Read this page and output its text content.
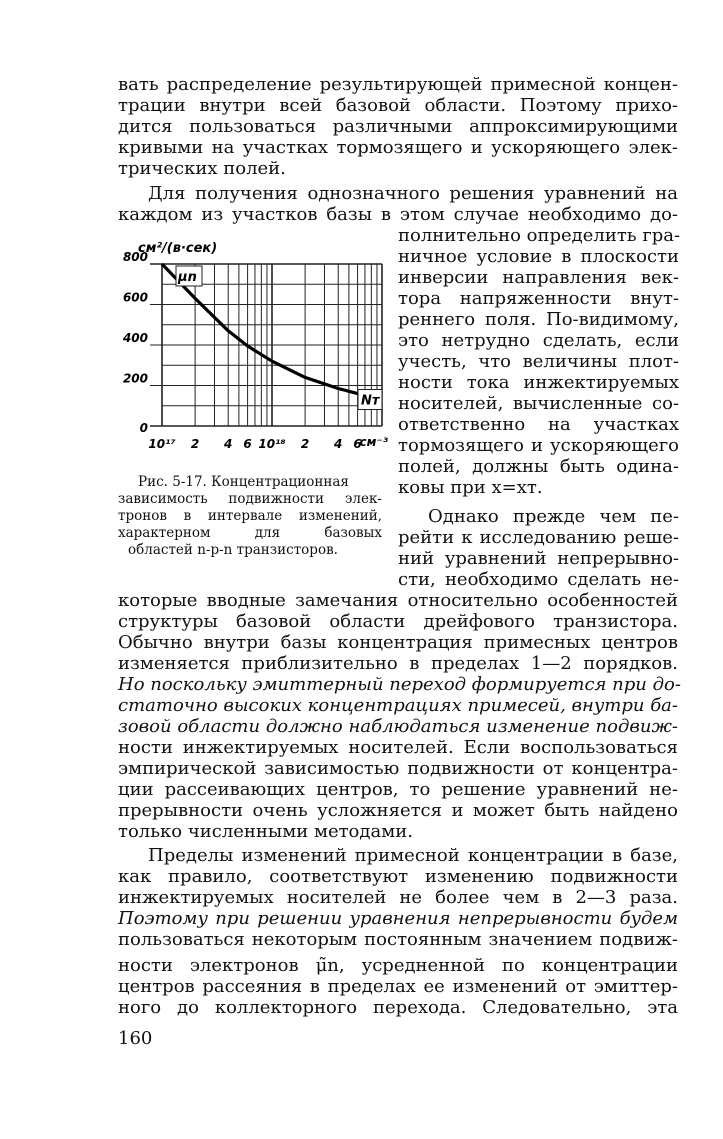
вать распределение результирующей примесной концен-
трации внутри всей базовой области. Поэтому прихо-
дится пользоваться различными аппроксимирующими
кривыми на участках тормозящего и ускоряющего элек-
трических полей.
Для получения однозначного решения уравнений на
каждом из участков базы в этом случае необходимо до-
полнительно определить гра-
ничное условие в плоскости
инверсии направления век-
тора напряженности внут-
реннего поля. По-видимому,
это нетрудно сделать, если
учесть, что величины плот-
ности тока инжектируемых
носителей, вычисленные со-
ответственно на участках
тормозящего и ускоряющего
полей, должны быть одина-
ковы при x=xт.
Однако прежде чем пе-
рейти к исследованию реше-
ний уравнений непрерывно-
сти, необходимо сделать не-
которые вводные замечания относительно особенностей
структуры базовой области дрейфового транзистора.
Обычно внутри базы концентрация примесных центров
изменяется приблизительно в пределах 1—2 порядков.
Но поскольку эмиттерный переход формируется при до-
статочно высоких концентрациях примесей, внутри ба-
зовой области должно наблюдаться изменение подвиж-
ности инжектируемых носителей. Если воспользоваться
эмпирической зависимостью подвижности от концентра-
ции рассеивающих центров, то решение уравнений не-
прерывности очень усложняется и может быть найдено
только численными методами.
Пределы изменений примесной концентрации в базе,
как правило, соответствуют изменению подвижности
инжектируемых носителей не более чем в 2—3 раза.
Поэтому при решении уравнения непрерывности будем
пользоваться некоторым постоянным значением подвиж-
ности электронов μ̃n, усредненной по концентрации
центров рассеяния в пределах ее изменений от эмиттер-
ного до коллекторного перехода. Следовательно, эта
0
200
400
600
800
10¹⁷ 2 4 6 10¹⁸ 2 4 6
см⁻³
см²/(в·сек)
μn
Nт
Рис. 5-17. Концентрационная
зависимость подвижности элек-
тронов в интервале изменений,
характерном для базовых
областей n-p-n транзисторов.
160
